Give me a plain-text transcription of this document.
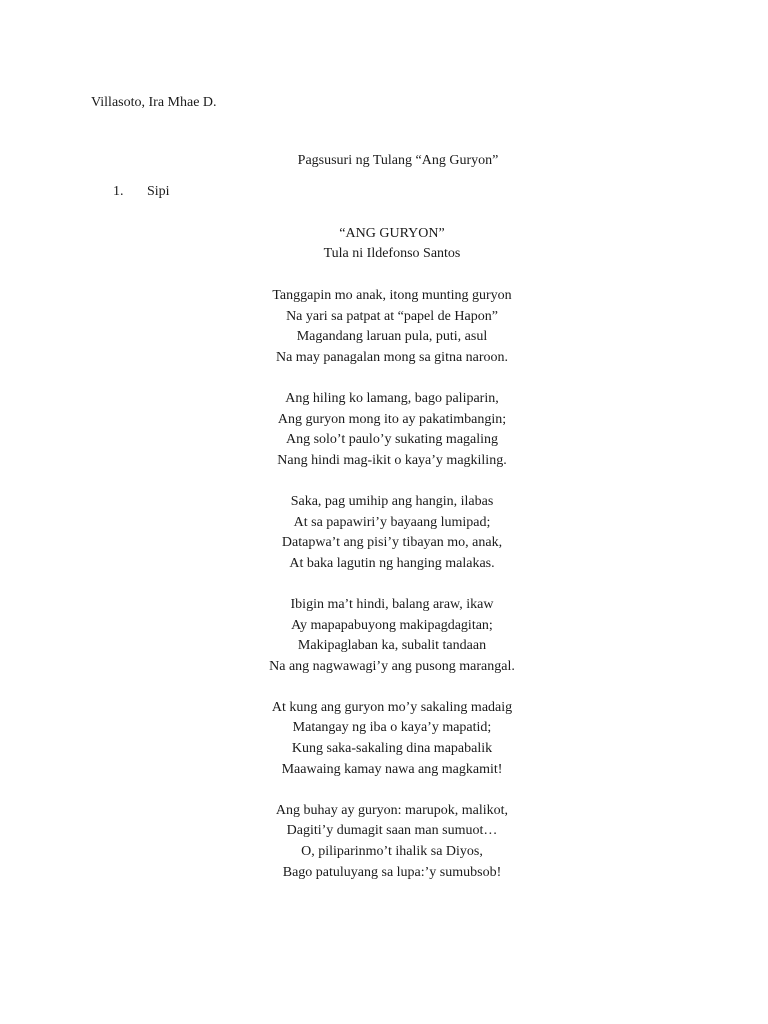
Villasoto, Ira Mhae D.
Pagsusuri ng Tulang “Ang Guryon”
1. Sipi
“ANG GURYON”
Tula ni Ildefonso Santos
Tanggapin mo anak, itong munting guryon
Na yari sa patpat at “papel de Hapon”
Magandang laruan pula, puti, asul
Na may panagalan mong sa gitna naroon.
Ang hiling ko lamang, bago paliparin,
Ang guryon mong ito ay pakatimbangin;
Ang solo’t paulo’y sukating magaling
Nang hindi mag-ikit o kaya’y magkiling.
Saka, pag umihip ang hangin, ilabas
At sa papawiri’y bayaang lumipad;
Datapwa’t ang pisi’y tibayan mo, anak,
At baka lagutin ng hanging malakas.
Ibigin ma’t hindi, balang araw, ikaw
Ay mapapabuyong makipagdagitan;
Makipaglaban ka, subalit tandaan
Na ang nagwawagi’y ang pusong marangal.
At kung ang guryon mo’y sakaling madaig
Matangay ng iba o kaya’y mapatid;
Kung saka-sakaling dina mapabalik
Maawaing kamay nawa ang magkamit!
Ang buhay ay guryon: marupok, malikot,
Dagiti’y dumagit saan man sumuot…
O, piliparinmo’t ihalik sa Diyos,
Bago patuluyang sa lupa:’y sumubsob!
